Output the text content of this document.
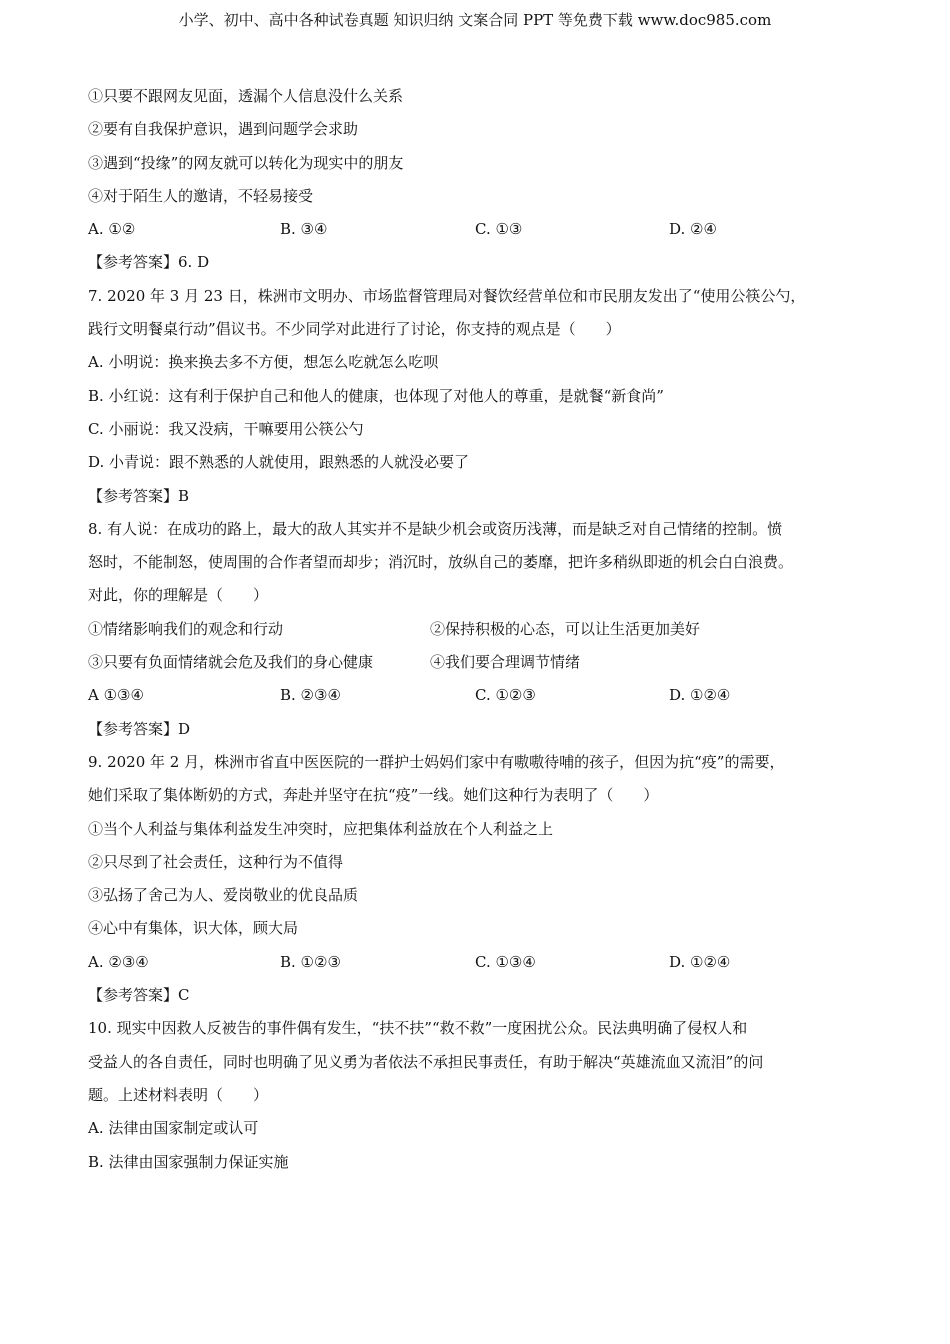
小学、初中、高中各种试卷真题 知识归纳 文案合同 PPT 等免费下载 www.doc985.com
①只要不跟网友见面，透漏个人信息没什么关系
②要有自我保护意识，遇到问题学会求助
③遇到“投缘”的网友就可以转化为现实中的朋友
④对于陌生人的邀请，不轻易接受
A. ①②	B. ③④	C. ①③	D. ②④
【参考答案】6. D
7. 2020 年 3 月 23 日，株洲市文明办、市场监督管理局对餐饮经营单位和市民朋友发出了“使用公筷公勺，
践行文明餐桌行动”倡议书。不少同学对此进行了讨论，你支持的观点是（　　）
A. 小明说：换来换去多不方便，想怎么吃就怎么吃呗
B. 小红说：这有利于保护自己和他人的健康，也体现了对他人的尊重，是就餐“新食尚”
C. 小丽说：我又没病，干嘛要用公筷公勺
D. 小青说：跟不熟悉的人就使用，跟熟悉的人就没必要了
【参考答案】B
8. 有人说：在成功的路上，最大的敌人其实并不是缺少机会或资历浅薄，而是缺乏对自己情绪的控制。愤
怒时，不能制怒，使周围的合作者望而却步；消沉时，放纵自己的萎靡，把许多稍纵即逝的机会白白浪费。
对此，你的理解是（　　）
①情绪影响我们的观念和行动	②保持积极的心态，可以让生活更加美好
③只要有负面情绪就会危及我们的身心健康	④我们要合理调节情绪
A ①③④	B. ②③④	C. ①②③	D. ①②④
【参考答案】D
9. 2020 年 2 月，株洲市省直中医医院的一群护士妈妈们家中有嗷嗷待哺的孩子，但因为抗“疫”的需要，
她们采取了集体断奶的方式，奔赴并坚守在抗“疫”一线。她们这种行为表明了（　　）
①当个人利益与集体利益发生冲突时，应把集体利益放在个人利益之上
②只尽到了社会责任，这种行为不值得
③弘扬了舍己为人、爱岗敬业的优良品质
④心中有集体，识大体，顾大局
A. ②③④	B. ①②③	C. ①③④	D. ①②④
【参考答案】C
10. 现实中因救人反被告的事件偶有发生，“扶不扶”“救不救”一度困扰公众。民法典明确了侵权人和
受益人的各自责任，同时也明确了见义勇为者依法不承担民事责任，有助于解决“英雄流血又流泪”的问
题。上述材料表明（　　）
A. 法律由国家制定或认可
B. 法律由国家强制力保证实施
